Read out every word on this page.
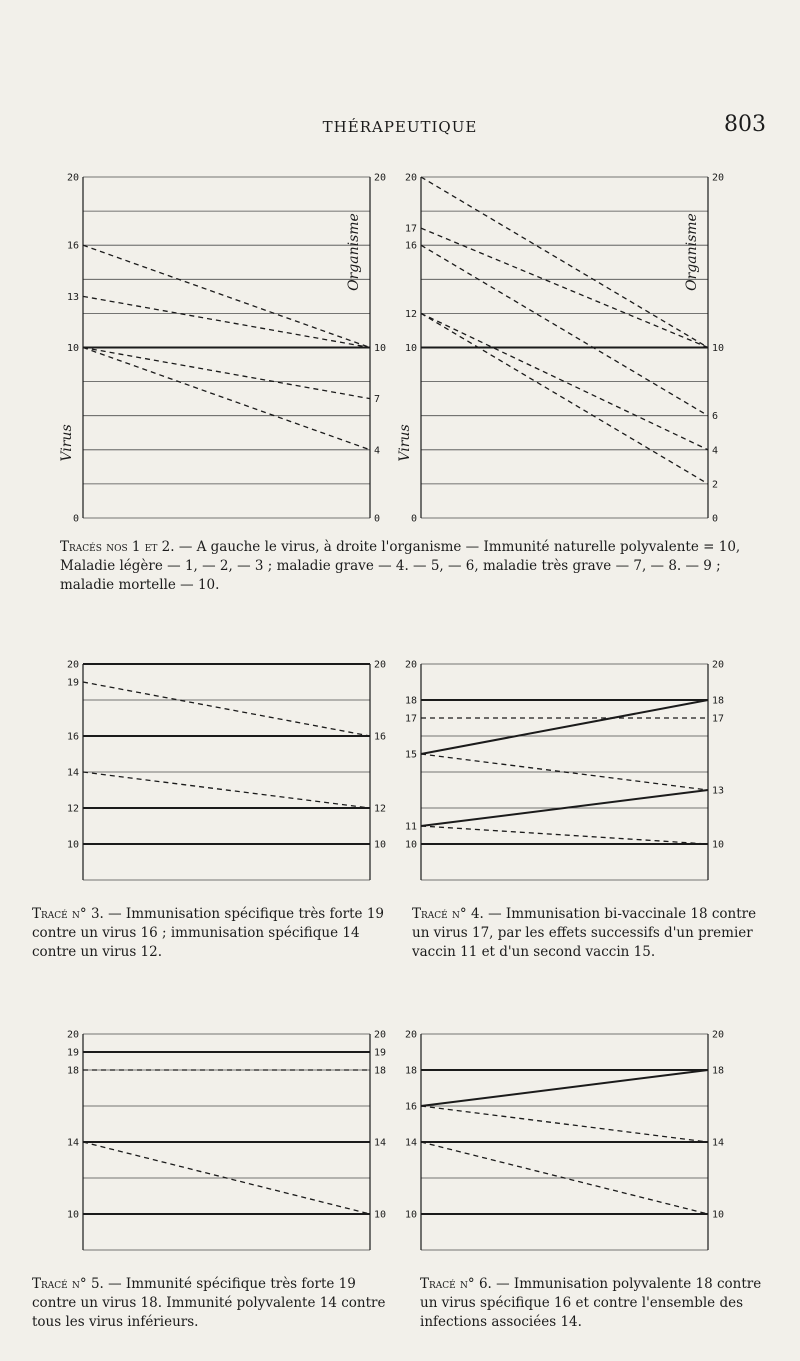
THÉRAPEUTIQUE	803
20
16
13
10
0
20
10
7
4
0
Virus
Organisme
20
17
16
12
10
0
20
10
6
4
2
0
Virus
Organisme
Tracés nos 1 et 2. — A gauche le virus, à droite l'organisme — Immunité naturelle polyvalente = 10, Maladie légère — 1, — 2, — 3 ; maladie grave — 4. — 5, — 6, maladie très grave — 7, — 8. — 9 ; maladie mortelle — 10.
20
19
16
14
12
10
20
16
12
10
20
18
17
15
11
10
20
18
17
13
10
Tracé n° 3. — Immunisation spécifique très forte 19 contre un virus 16 ; immunisation spécifique 14 contre un virus 12.
Tracé n° 4. — Immunisation bi-vaccinale 18 contre un virus 17, par les effets successifs d'un premier vaccin 11 et d'un second vaccin 15.
20
19
18
14
10
20
19
18
14
10
20
18
16
14
10
20
18
14
10
Tracé n° 5. — Immunité spécifique très forte 19 contre un virus 18. Immunité polyvalente 14 contre tous les virus inférieurs.
Tracé n° 6. — Immunisation polyvalente 18 contre un virus spécifique 16 et contre l'ensemble des infections associées 14.
